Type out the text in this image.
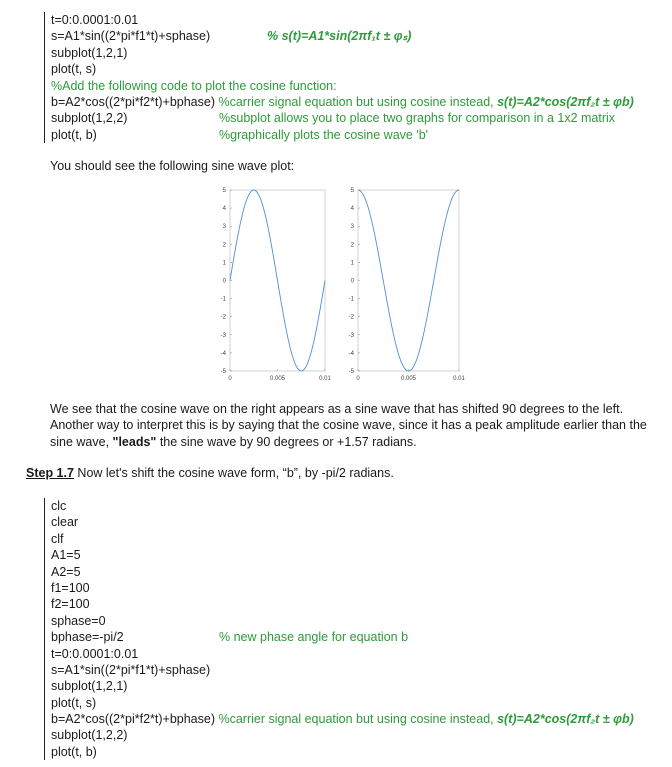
t=0:0.0001:0.01
s=A1*sin((2*pi*f1*t)+sphase)	% s(t)=A1*sin(2πf₁t ± φₛ)
subplot(1,2,1)
plot(t, s)
%Add the following code to plot the cosine function:
b=A2*cos((2*pi*f2*t)+bphase) %carrier signal equation but using cosine instead, s(t)=A2*cos(2πf₂t ± φb)
subplot(1,2,2)	%subplot allows you to place two graphs for comparison in a 1x2 matrix
plot(t, b)	%graphically plots the cosine wave 'b'
You should see the following sine wave plot:
5
4
3
2
1
0
-1
-2
-3
-4
-5
0	0.005	0.01
5
4
3
2
1
0
-1
-2
-3
-4
-5
0	0.005	0.01
We see that the cosine wave on the right appears as a sine wave that has shifted 90 degrees to the left.
Another way to interpret this is by saying that the cosine wave, since it has a peak amplitude earlier than the
sine wave, "leads" the sine wave by 90 degrees or +1.57 radians.
Step 1.7 Now let's shift the cosine wave form, “b”, by -pi/2 radians.
clc
clear
clf
A1=5
A2=5
f1=100
f2=100
sphase=0
bphase=-pi/2	% new phase angle for equation b
t=0:0.0001:0.01
s=A1*sin((2*pi*f1*t)+sphase)
subplot(1,2,1)
plot(t, s)
b=A2*cos((2*pi*f2*t)+bphase) %carrier signal equation but using cosine instead, s(t)=A2*cos(2πf₂t ± φb)
subplot(1,2,2)
plot(t, b)
